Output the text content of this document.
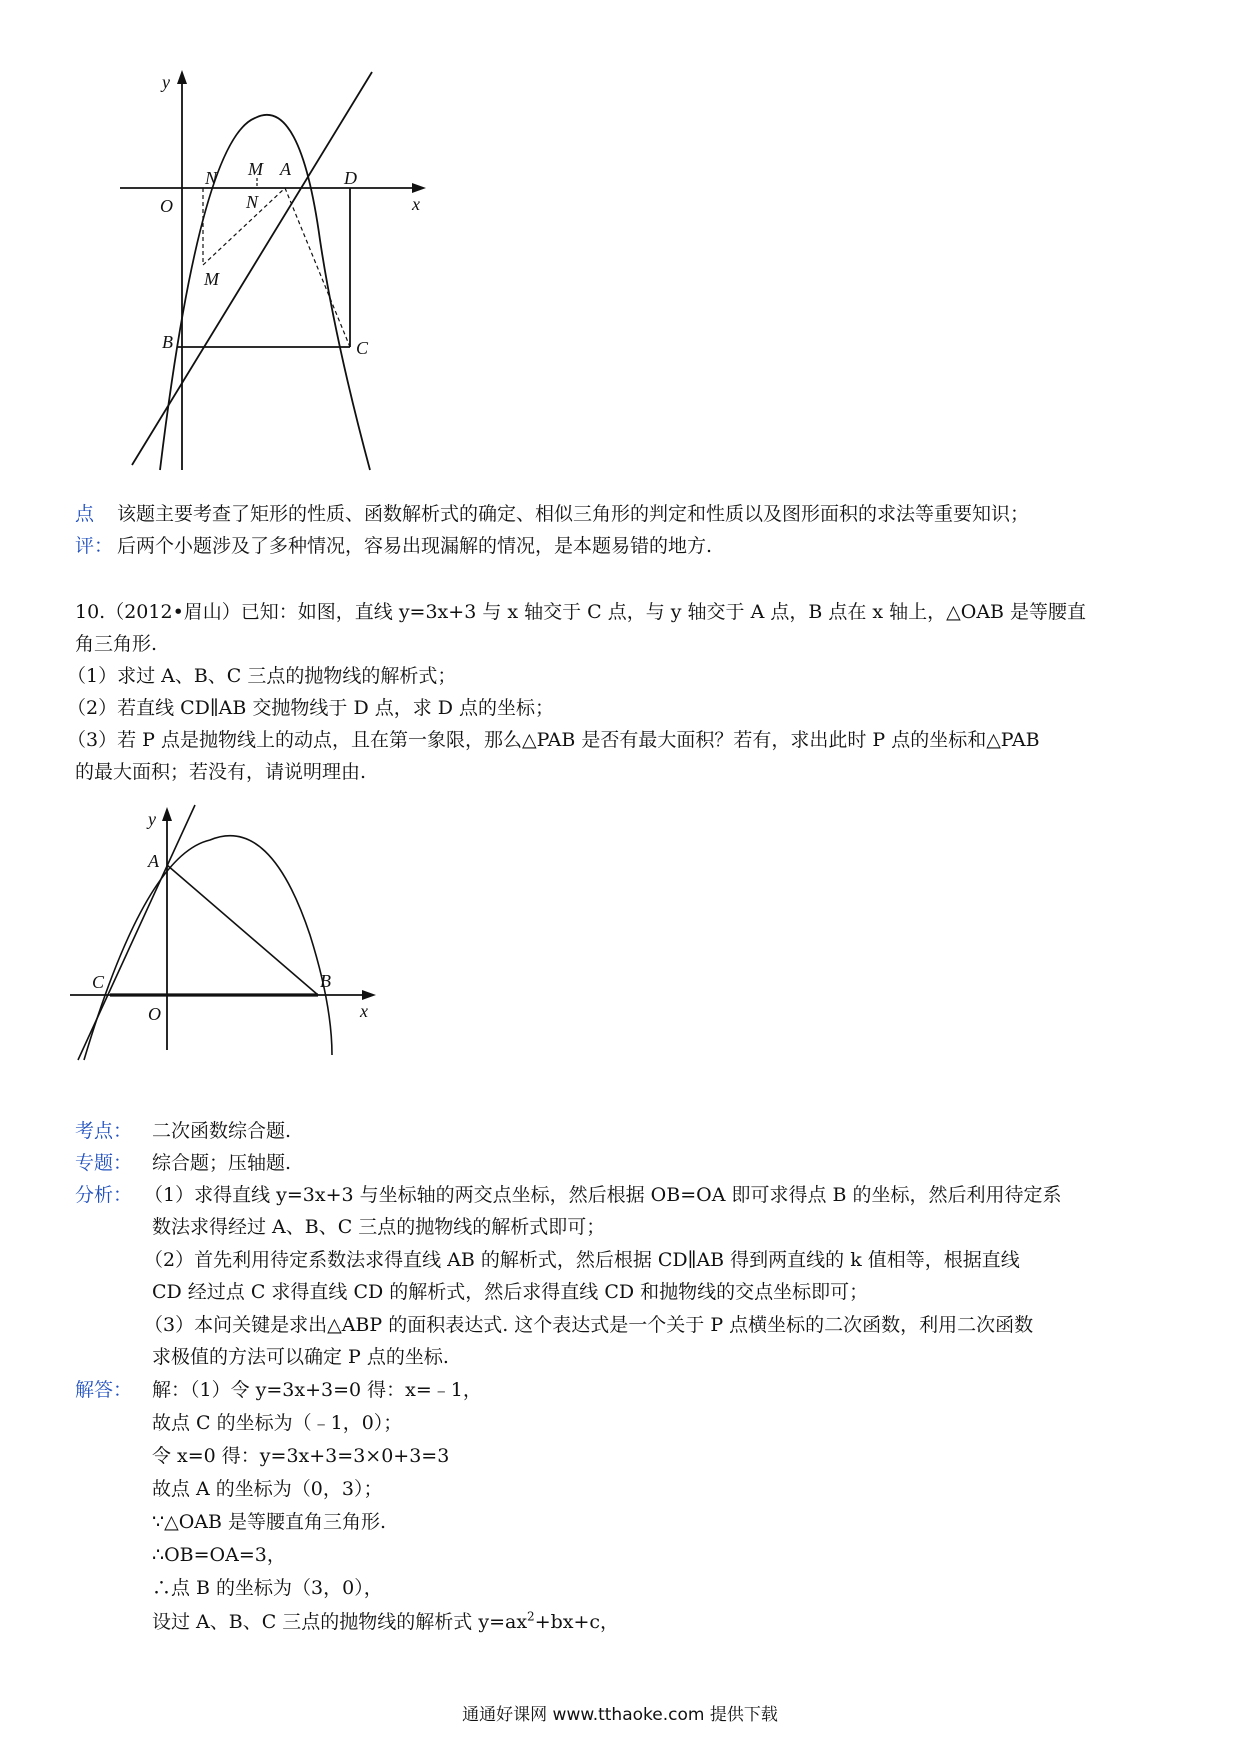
y
x
O
N M A	D
N
M
B	C
点 该题主要考查了矩形的性质、函数解析式的确定、相似三角形的判定和性质以及图形面积的求法等重要知识；
评： 后两个小题涉及了多种情况，容易出现漏解的情况，是本题易错的地方.
10.（2012•眉山）已知：如图，直线 y=3x+3 与 x 轴交于 C 点，与 y 轴交于 A 点，B 点在 x 轴上，△OAB 是等腰直
角三角形.
（1）求过 A、B、C 三点的抛物线的解析式；
（2）若直线 CD∥AB 交抛物线于 D 点，求 D 点的坐标；
（3）若 P 点是抛物线上的动点，且在第一象限，那么△PAB 是否有最大面积？若有，求出此时 P 点的坐标和△PAB
的最大面积；若没有，请说明理由.
y
A
C
O
B
x
考点： 二次函数综合题.
专题： 综合题；压轴题.
分析： （1）求得直线 y=3x+3 与坐标轴的两交点坐标，然后根据 OB=OA 即可求得点 B 的坐标，然后利用待定系
数法求得经过 A、B、C 三点的抛物线的解析式即可；
（2）首先利用待定系数法求得直线 AB 的解析式，然后根据 CD∥AB 得到两直线的 k 值相等，根据直线
CD 经过点 C 求得直线 CD 的解析式，然后求得直线 CD 和抛物线的交点坐标即可；
（3）本问关键是求出△ABP 的面积表达式. 这个表达式是一个关于 P 点横坐标的二次函数，利用二次函数
求极值的方法可以确定 P 点的坐标.
解答： 解：（1）令 y=3x+3=0 得：x=﹣1，
故点 C 的坐标为（﹣1，0）；
令 x=0 得：y=3x+3=3×0+3=3
故点 A 的坐标为（0，3）；
∵△OAB 是等腰直角三角形.
∴OB=OA=3，
∴点 B 的坐标为（3，0），
设过 A、B、C 三点的抛物线的解析式 $y=ax^2+bx+c$，
通通好课网 www.tthaoke.com 提供下载
